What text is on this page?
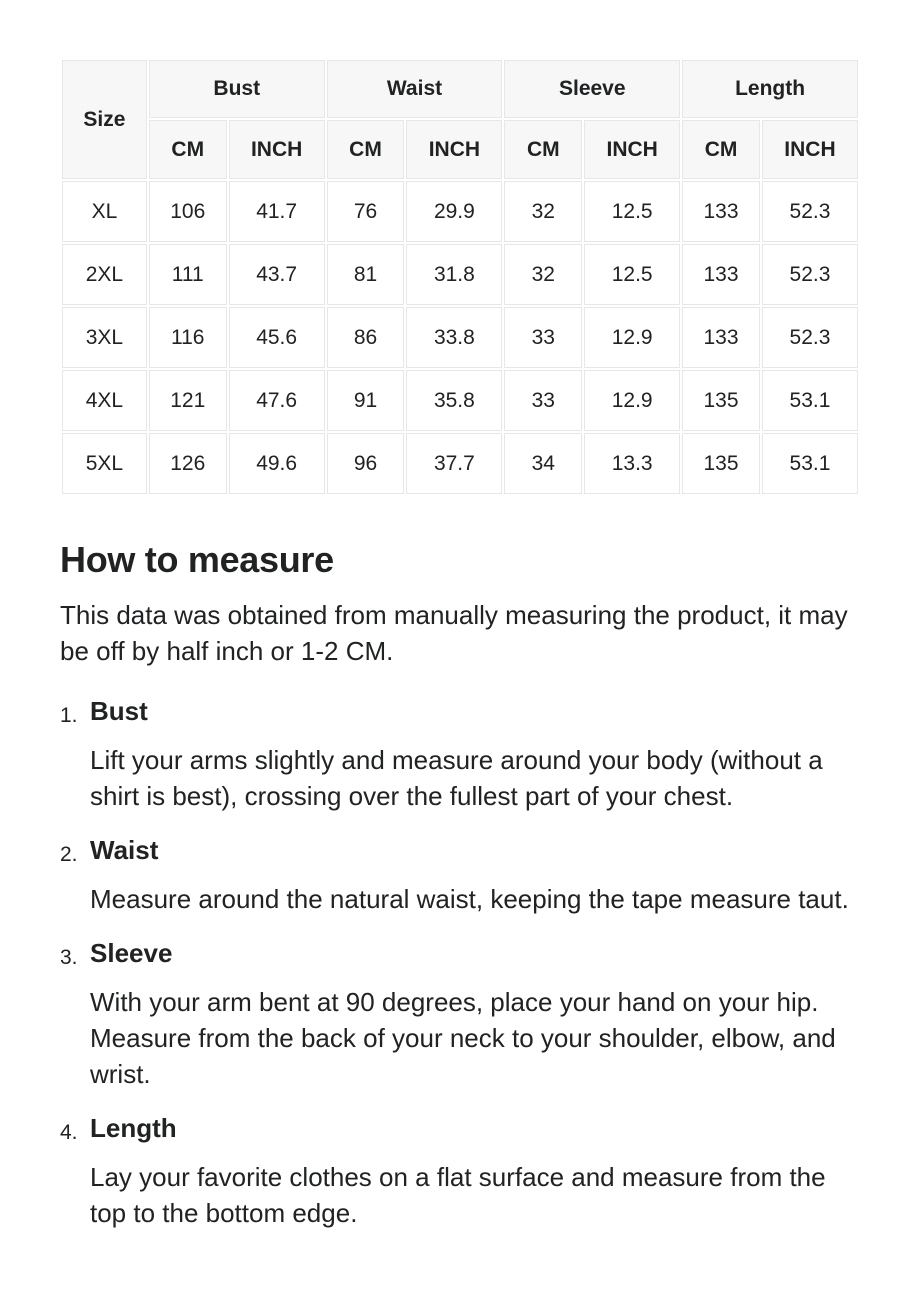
Size	Bust		Waist		Sleeve		Length	
	CM	INCH	CM	INCH	CM	INCH	CM	INCH
XL	106	41.7	76	29.9	32	12.5	133	52.3
2XL	111	43.7	81	31.8	32	12.5	133	52.3
3XL	116	45.6	86	33.8	33	12.9	133	52.3
4XL	121	47.6	91	35.8	33	12.9	135	53.1
5XL	126	49.6	96	37.7	34	13.3	135	53.1
How to measure

This data was obtained from manually measuring the product, it may be off by half inch or 1-2 CM.

1. Bust

Lift your arms slightly and measure around your body (without a shirt is best), crossing over the fullest part of your chest.

2. Waist

Measure around the natural waist, keeping the tape measure taut.

3. Sleeve

With your arm bent at 90 degrees, place your hand on your hip. Measure from the back of your neck to your shoulder, elbow, and wrist.

4. Length

Lay your favorite clothes on a flat surface and measure from the top to the bottom edge.
